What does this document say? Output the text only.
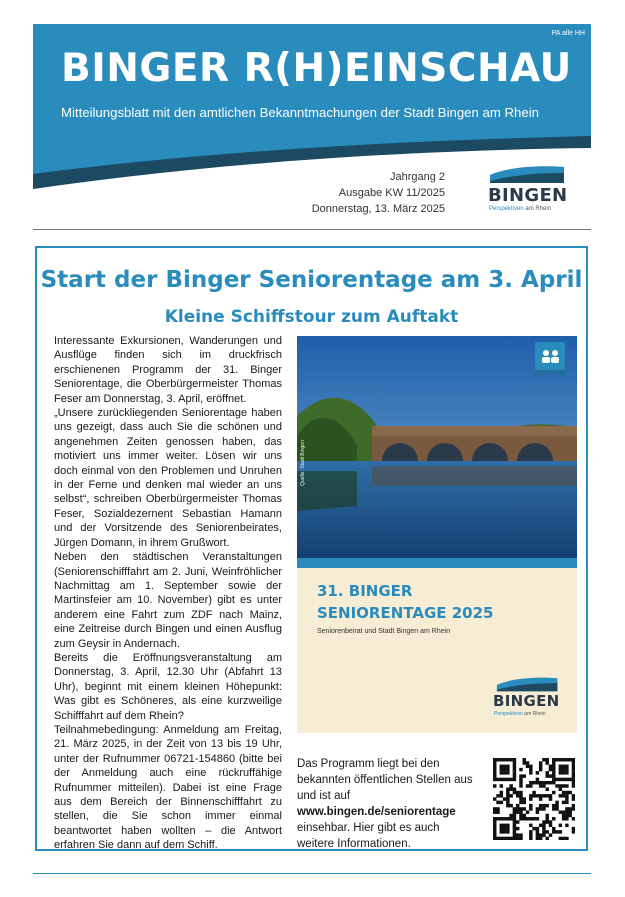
PA alle HH
BINGER R(H)EINSCHAU
Mitteilungsblatt mit den amtlichen Bekanntmachungen der Stadt Bingen am Rhein
Jahrgang 2
Ausgabe KW 11/2025
Donnerstag, 13. März 2025
BINGEN
Perspektiven am Rhein
Start der Binger Seniorentage am 3. April
Kleine Schiffstour zum Auftakt

Interessante Exkursionen, Wanderungen und Ausflüge finden sich im druckfrisch erschienenen Programm der 31. Binger Seniorentage, die Oberbürgermeister Thomas Feser am Donnerstag, 3. April, eröffnet.

„Unsere zurückliegenden Seniorentage haben uns gezeigt, dass auch Sie die schönen und angenehmen Zeiten genossen haben, das motiviert uns immer weiter. Lösen wir uns doch einmal von den Problemen und Unruhen in der Ferne und denken mal wieder an uns selbst“, schreiben Oberbürgermeister Thomas Feser, Sozialdezernent Sebastian Hamann und der Vorsitzende des Seniorenbeirates, Jürgen Domann, in ihrem Grußwort.

Neben den städtischen Veranstaltungen (Seniorenschifffahrt am 2. Juni, Weinfröhlicher Nachmittag am 1. September sowie der Martinsfeier am 10. November) gibt es unter anderem eine Fahrt zum ZDF nach Mainz, eine Zeitreise durch Bingen und einen Ausflug zum Geysir in Andernach.

Bereits die Eröffnungsveranstaltung am Donnerstag, 3. April, 12.30 Uhr (Abfahrt 13 Uhr), beginnt mit einem kleinen Höhepunkt: Was gibt es Schöneres, als eine kurzweilige Schifffahrt auf dem Rhein?

Teilnahmebedingung: Anmeldung am Freitag, 21. März 2025, in der Zeit von 13 bis 19 Uhr, unter der Rufnummer 06721-154860 (bitte bei der Anmeldung auch eine rückruffähige Rufnummer mitteilen). Dabei ist eine Frage aus dem Bereich der Binnenschifffahrt zu stellen, die Sie schon immer einmal beantwortet haben wollten – die Antwort erfahren Sie dann auf dem Schiff.

Quelle: Stadt Bingen
31. BINGER
SENIORENTAGE 2025
Seniorenbeirat und Stadt Bingen am Rhein
BINGEN
Perspektiven am Rhein
Das Programm liegt bei den bekannten öffentlichen Stellen aus und ist auf www.bingen.de/seniorentage einsehbar. Hier gibt es auch weitere Informationen.
